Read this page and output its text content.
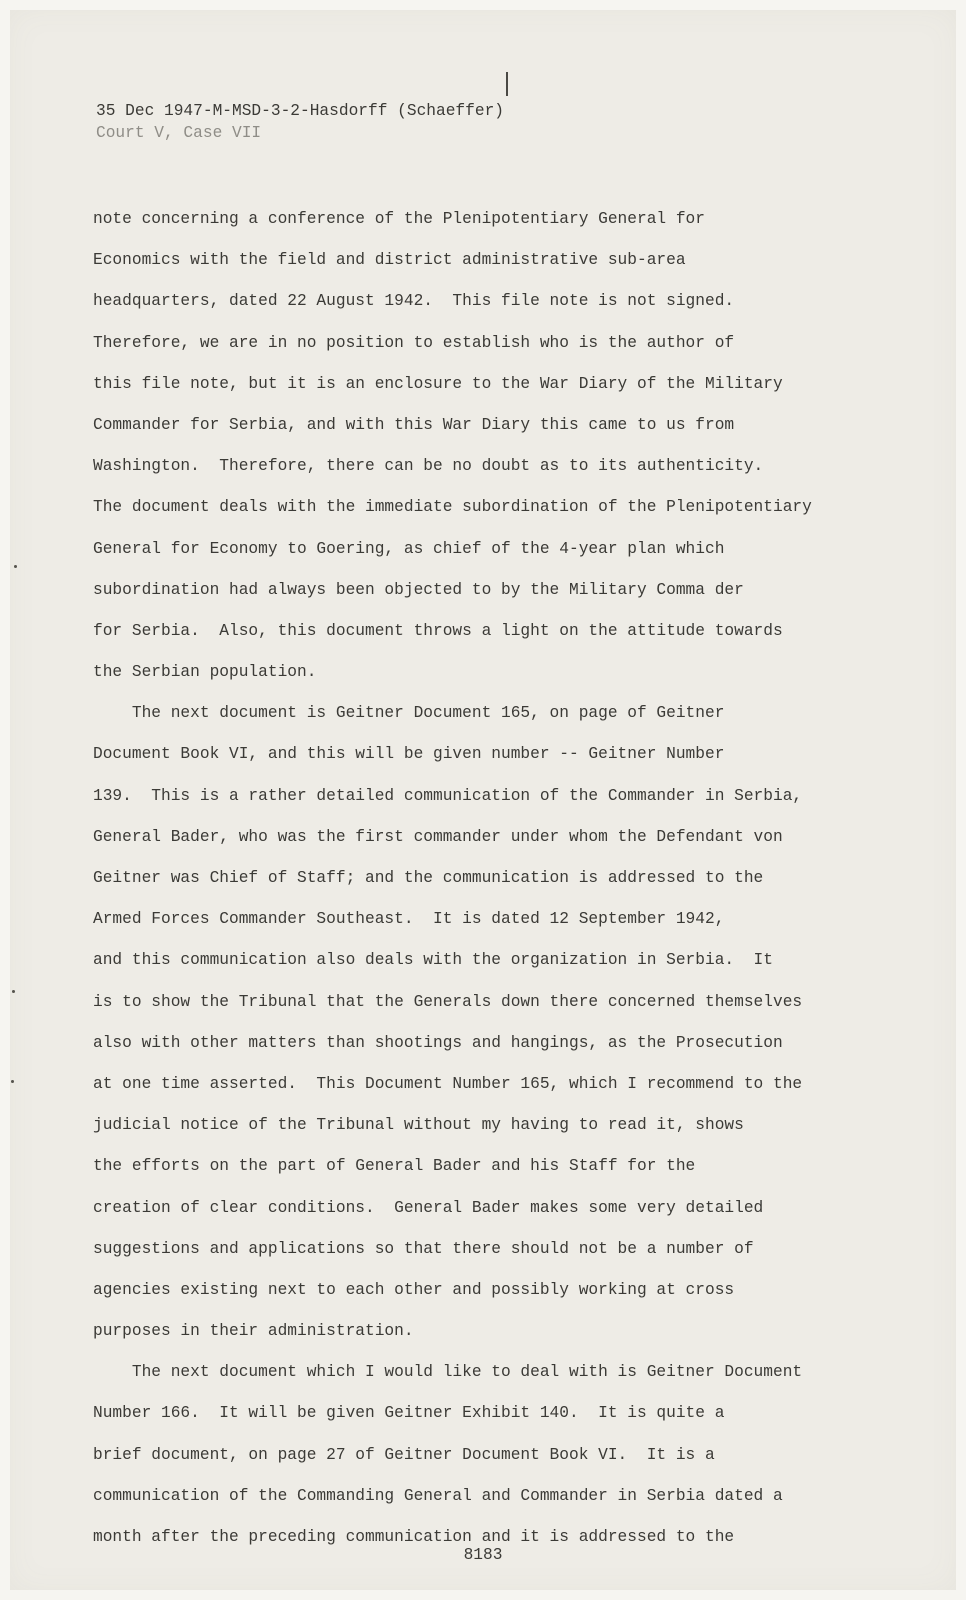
35 Dec 1947-M-MSD-3-2-Hasdorff (Schaeffer)
Court V, Case VII
note concerning a conference of the Plenipotentiary General for
Economics with the field and district administrative sub-area
headquarters, dated 22 August 1942.  This file note is not signed.
Therefore, we are in no position to establish who is the author of
this file note, but it is an enclosure to the War Diary of the Military
Commander for Serbia, and with this War Diary this came to us from
Washington.  Therefore, there can be no doubt as to its authenticity.
The document deals with the immediate subordination of the Plenipotentiary
General for Economy to Goering, as chief of the 4-year plan which
subordination had always been objected to by the Military Comma der
for Serbia.  Also, this document throws a light on the attitude towards
the Serbian population.
The next document is Geitner Document 165, on page of Geitner
Document Book VI, and this will be given number -- Geitner Number
139.  This is a rather detailed communication of the Commander in Serbia,
General Bader, who was the first commander under whom the Defendant von
Geitner was Chief of Staff; and the communication is addressed to the
Armed Forces Commander Southeast.  It is dated 12 September 1942,
and this communication also deals with the organization in Serbia.  It
is to show the Tribunal that the Generals down there concerned themselves
also with other matters than shootings and hangings, as the Prosecution
at one time asserted.  This Document Number 165, which I recommend to the
judicial notice of the Tribunal without my having to read it, shows
the efforts on the part of General Bader and his Staff for the
creation of clear conditions.  General Bader makes some very detailed
suggestions and applications so that there should not be a number of
agencies existing next to each other and possibly working at cross
purposes in their administration.
The next document which I would like to deal with is Geitner Document
Number 166.  It will be given Geitner Exhibit 140.  It is quite a
brief document, on page 27 of Geitner Document Book VI.  It is a
communication of the Commanding General and Commander in Serbia dated a
month after the preceding communication and it is addressed to the
8183
